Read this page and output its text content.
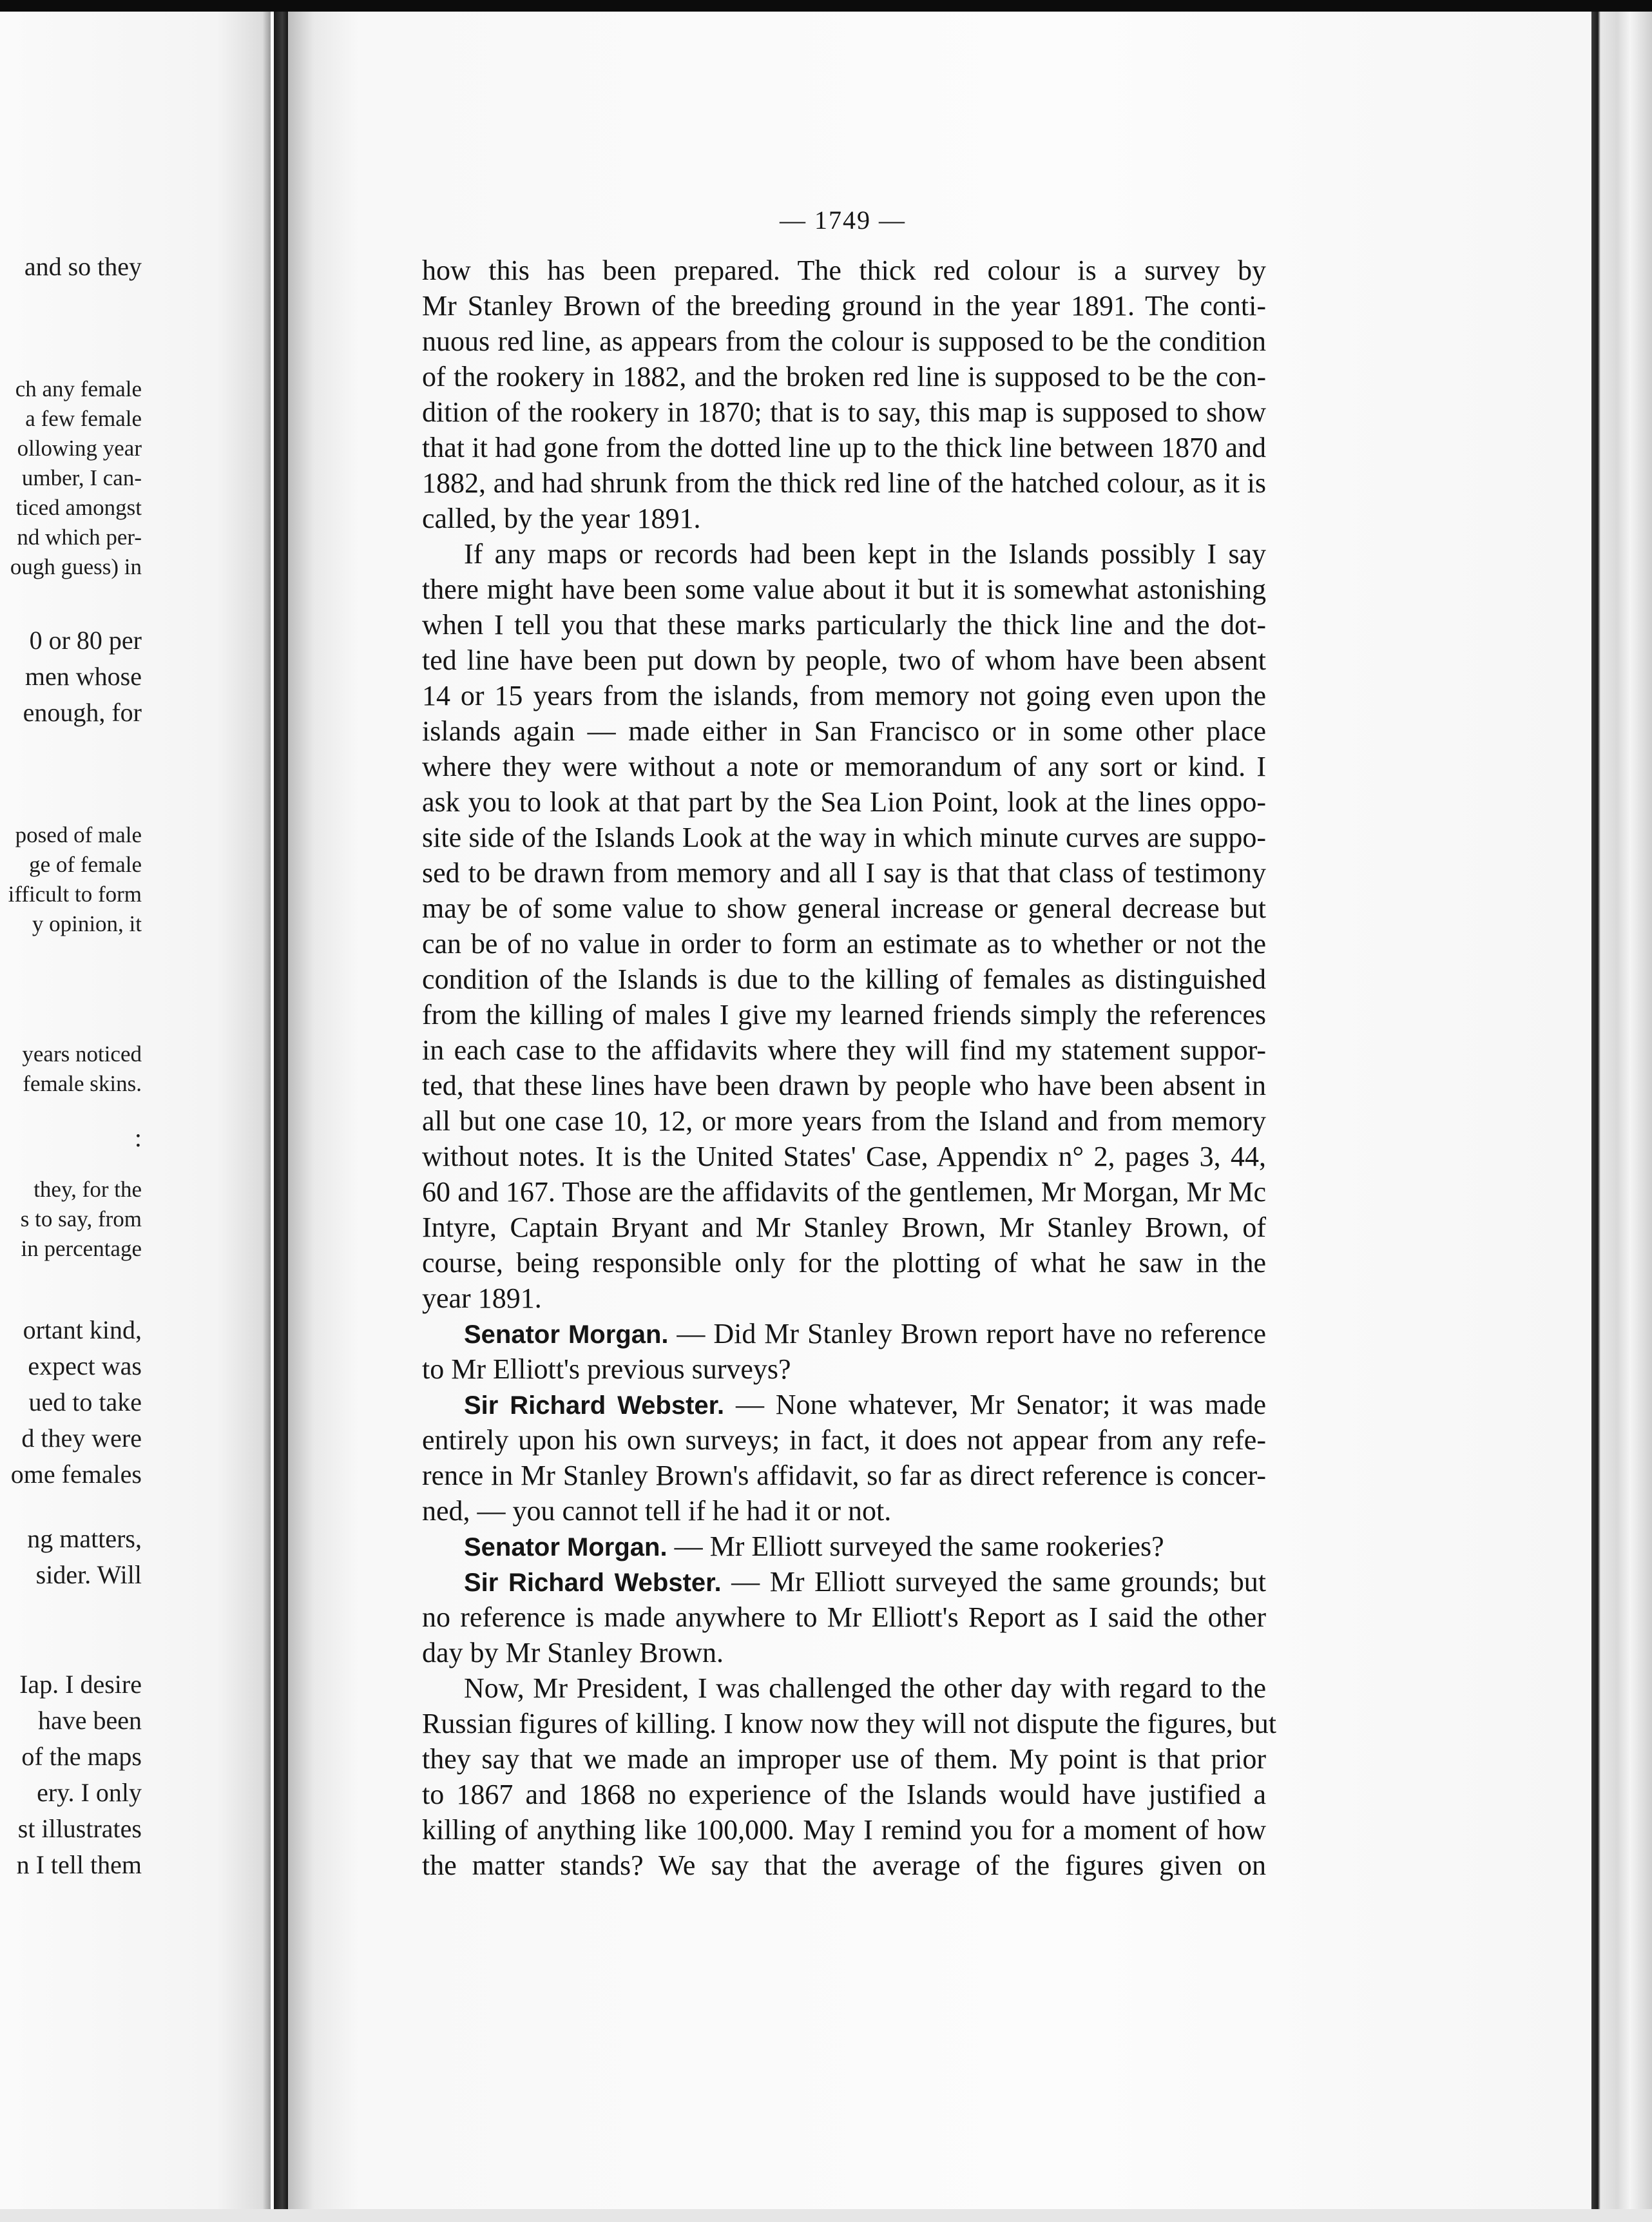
and so they
ch any female
a few female
ollowing year
umber, I can-
ticed amongst
nd which per-
ough guess) in
0 or 80 per
men whose
enough, for
posed of male
ge of female
ifficult to form
y opinion, it
years noticed
female skins.
:
they, for the
s to say, from
in percentage
ortant kind,
expect was
ued to take
d they were
ome females
ng matters,
sider. Will
Iap. I desire
have been
of the maps
ery. I only
st illustrates
n I tell them
— 1749 —
how this has been prepared. The thick red colour is a survey by
Mr Stanley Brown of the breeding ground in the year 1891. The conti-
nuous red line, as appears from the colour is supposed to be the condition
of the rookery in 1882, and the broken red line is supposed to be the con-
dition of the rookery in 1870; that is to say, this map is supposed to show
that it had gone from the dotted line up to the thick line between 1870 and
1882, and had shrunk from the thick red line of the hatched colour, as it is
called, by the year 1891.
If any maps or records had been kept in the Islands possibly I say
there might have been some value about it but it is somewhat astonishing
when I tell you that these marks particularly the thick line and the dot-
ted line have been put down by people, two of whom have been absent
14 or 15 years from the islands, from memory not going even upon the
islands again — made either in San Francisco or in some other place
where they were without a note or memorandum of any sort or kind. I
ask you to look at that part by the Sea Lion Point, look at the lines oppo-
site side of the Islands Look at the way in which minute curves are suppo-
sed to be drawn from memory and all I say is that that class of testimony
may be of some value to show general increase or general decrease but
can be of no value in order to form an estimate as to whether or not the
condition of the Islands is due to the killing of females as distinguished
from the killing of males I give my learned friends simply the references
in each case to the affidavits where they will find my statement suppor-
ted, that these lines have been drawn by people who have been absent in
all but one case 10, 12, or more years from the Island and from memory
without notes. It is the United States' Case, Appendix n° 2, pages 3, 44,
60 and 167. Those are the affidavits of the gentlemen, Mr Morgan, Mr Mc
Intyre, Captain Bryant and Mr Stanley Brown, Mr Stanley Brown, of
course, being responsible only for the plotting of what he saw in the
year 1891.
Senator Morgan. — Did Mr Stanley Brown report have no reference
to Mr Elliott's previous surveys?
Sir Richard Webster. — None whatever, Mr Senator; it was made
entirely upon his own surveys; in fact, it does not appear from any refe-
rence in Mr Stanley Brown's affidavit, so far as direct reference is concer-
ned, — you cannot tell if he had it or not.
Senator Morgan. — Mr Elliott surveyed the same rookeries?
Sir Richard Webster. — Mr Elliott surveyed the same grounds; but
no reference is made anywhere to Mr Elliott's Report as I said the other
day by Mr Stanley Brown.
Now, Mr President, I was challenged the other day with regard to the
Russian figures of killing. I know now they will not dispute the figures, but
they say that we made an improper use of them. My point is that prior
to 1867 and 1868 no experience of the Islands would have justified a
killing of anything like 100,000. May I remind you for a moment of how
the matter stands? We say that the average of the figures given on
